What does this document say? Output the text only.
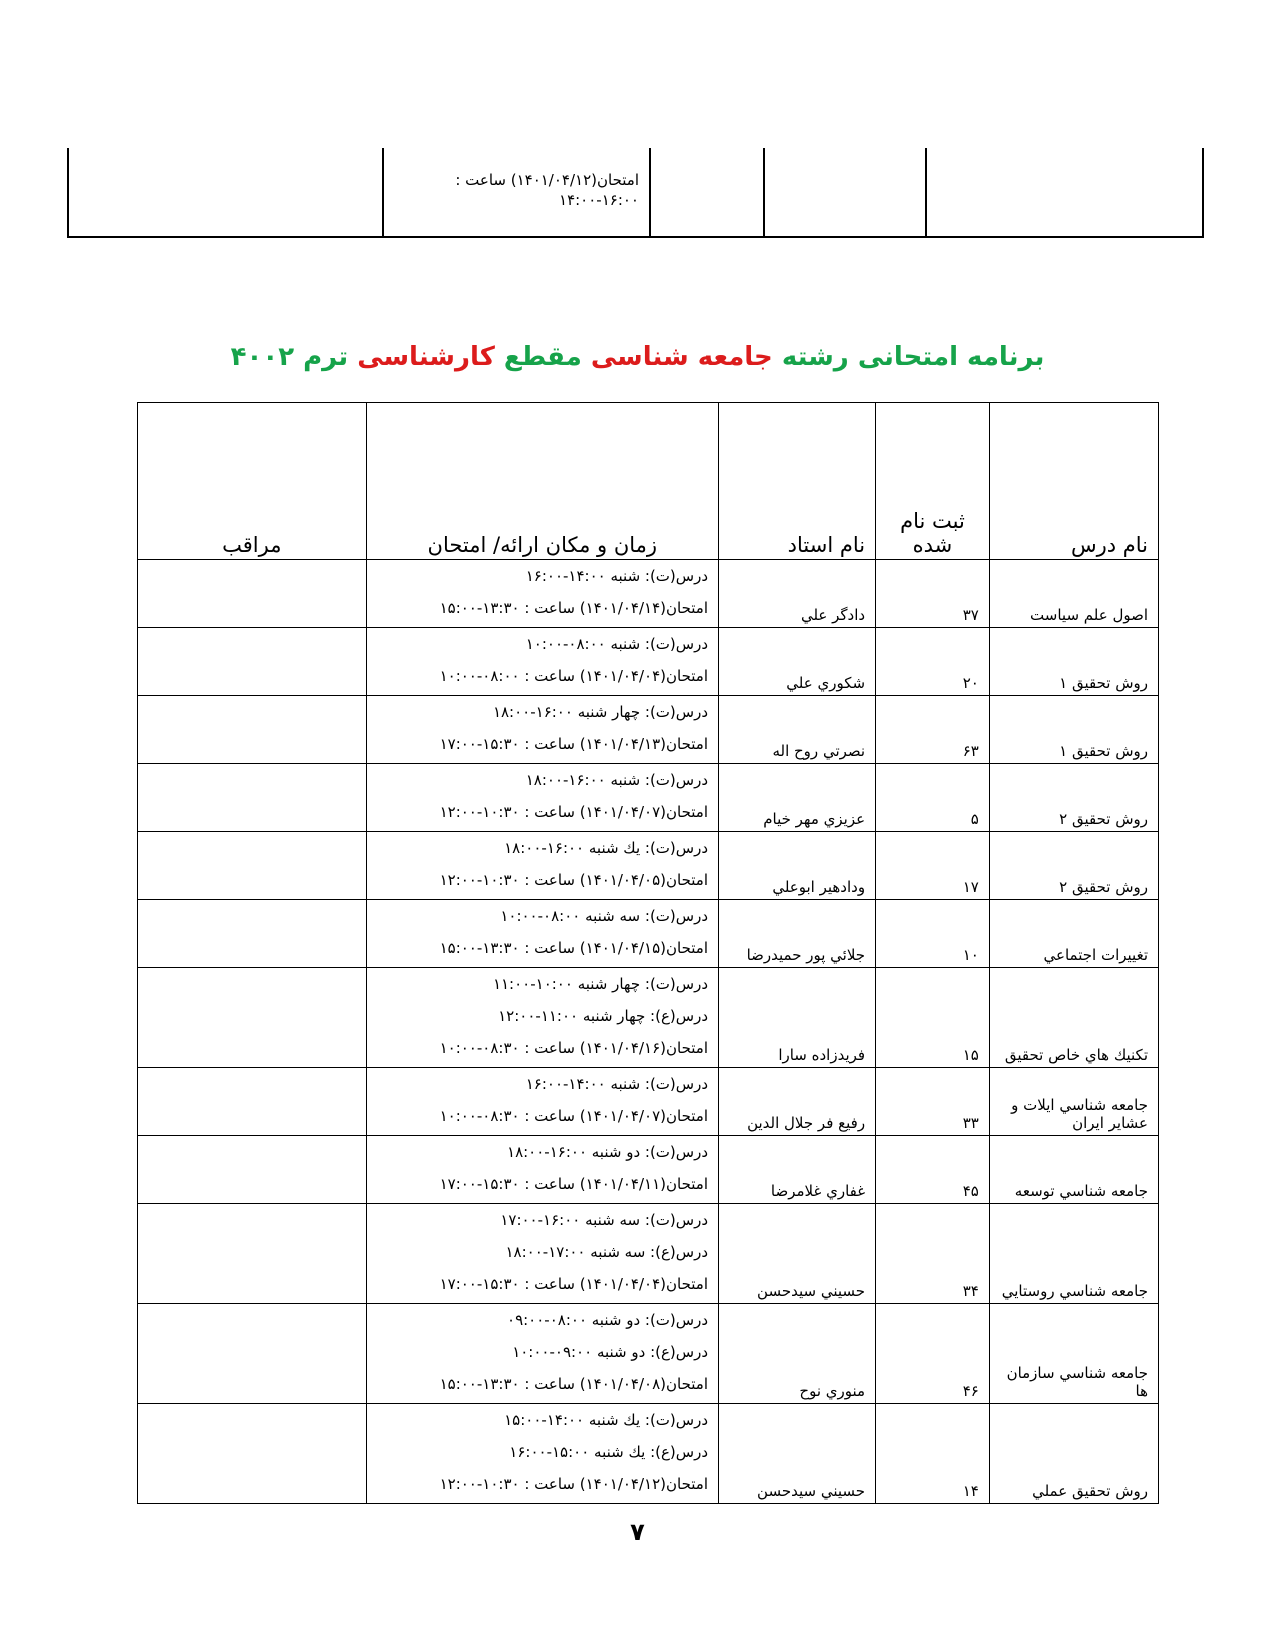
امتحان(۱۴۰۱/۰۴/۱۲) ساعت :
۱۴:۰۰-۱۶:۰۰

برنامه امتحانی رشته جامعه شناسی مقطع کارشناسی ترم ۴۰۰۲
نام درس	ثبت نام شده	نام استاد	زمان و مکان ارائه/ امتحان	مراقب
اصول علم سياست	۳۷	دادگر علي	درس(ت): شنبه ۱۴:۰۰-۱۶:۰۰
امتحان(۱۴۰۱/۰۴/۱۴) ساعت : ۱۳:۳۰-۱۵:۰۰	

روش تحقيق ۱	۲۰	شكوري علي	درس(ت): شنبه ۰۸:۰۰-۱۰:۰۰
امتحان(۱۴۰۱/۰۴/۰۴) ساعت : ۰۸:۰۰-۱۰:۰۰	

روش تحقيق ۱	۶۳	نصرتي روح اله	درس(ت): چهار شنبه ۱۶:۰۰-۱۸:۰۰
امتحان(۱۴۰۱/۰۴/۱۳) ساعت : ۱۵:۳۰-۱۷:۰۰	

روش تحقيق ۲	۵	عزيزي مهر خيام	درس(ت): شنبه ۱۶:۰۰-۱۸:۰۰
امتحان(۱۴۰۱/۰۴/۰۷) ساعت : ۱۰:۳۰-۱۲:۰۰	

روش تحقيق ۲	۱۷	ودادهير ابوعلي	درس(ت): يك شنبه ۱۶:۰۰-۱۸:۰۰
امتحان(۱۴۰۱/۰۴/۰۵) ساعت : ۱۰:۳۰-۱۲:۰۰	

تغييرات اجتماعي	۱۰	جلائي پور حميدرضا	درس(ت): سه شنبه ۰۸:۰۰-۱۰:۰۰
امتحان(۱۴۰۱/۰۴/۱۵) ساعت : ۱۳:۳۰-۱۵:۰۰	

تكنيك هاي خاص تحقيق	۱۵	فريدزاده سارا	درس(ت): چهار شنبه ۱۰:۰۰-۱۱:۰۰
درس(ع): چهار شنبه ۱۱:۰۰-۱۲:۰۰
امتحان(۱۴۰۱/۰۴/۱۶) ساعت : ۰۸:۳۰-۱۰:۰۰	

جامعه شناسي ايلات و عشاير ايران	۳۳	رفيع فر جلال الدين	درس(ت): شنبه ۱۴:۰۰-۱۶:۰۰
امتحان(۱۴۰۱/۰۴/۰۷) ساعت : ۰۸:۳۰-۱۰:۰۰	

جامعه شناسي توسعه	۴۵	غفاري غلامرضا	درس(ت): دو شنبه ۱۶:۰۰-۱۸:۰۰
امتحان(۱۴۰۱/۰۴/۱۱) ساعت : ۱۵:۳۰-۱۷:۰۰	

جامعه شناسي روستايي	۳۴	حسيني سيدحسن	درس(ت): سه شنبه ۱۶:۰۰-۱۷:۰۰
درس(ع): سه شنبه ۱۷:۰۰-۱۸:۰۰
امتحان(۱۴۰۱/۰۴/۰۴) ساعت : ۱۵:۳۰-۱۷:۰۰	

جامعه شناسي سازمان ها	۴۶	منوري نوح	درس(ت): دو شنبه ۰۸:۰۰-۰۹:۰۰
درس(ع): دو شنبه ۰۹:۰۰-۱۰:۰۰
امتحان(۱۴۰۱/۰۴/۰۸) ساعت : ۱۳:۳۰-۱۵:۰۰	

روش تحقيق عملي	۱۴	حسيني سيدحسن	درس(ت): يك شنبه ۱۴:۰۰-۱۵:۰۰
درس(ع): يك شنبه ۱۵:۰۰-۱۶:۰۰
امتحان(۱۴۰۱/۰۴/۱۲) ساعت : ۱۰:۳۰-۱۲:۰۰	

۷
